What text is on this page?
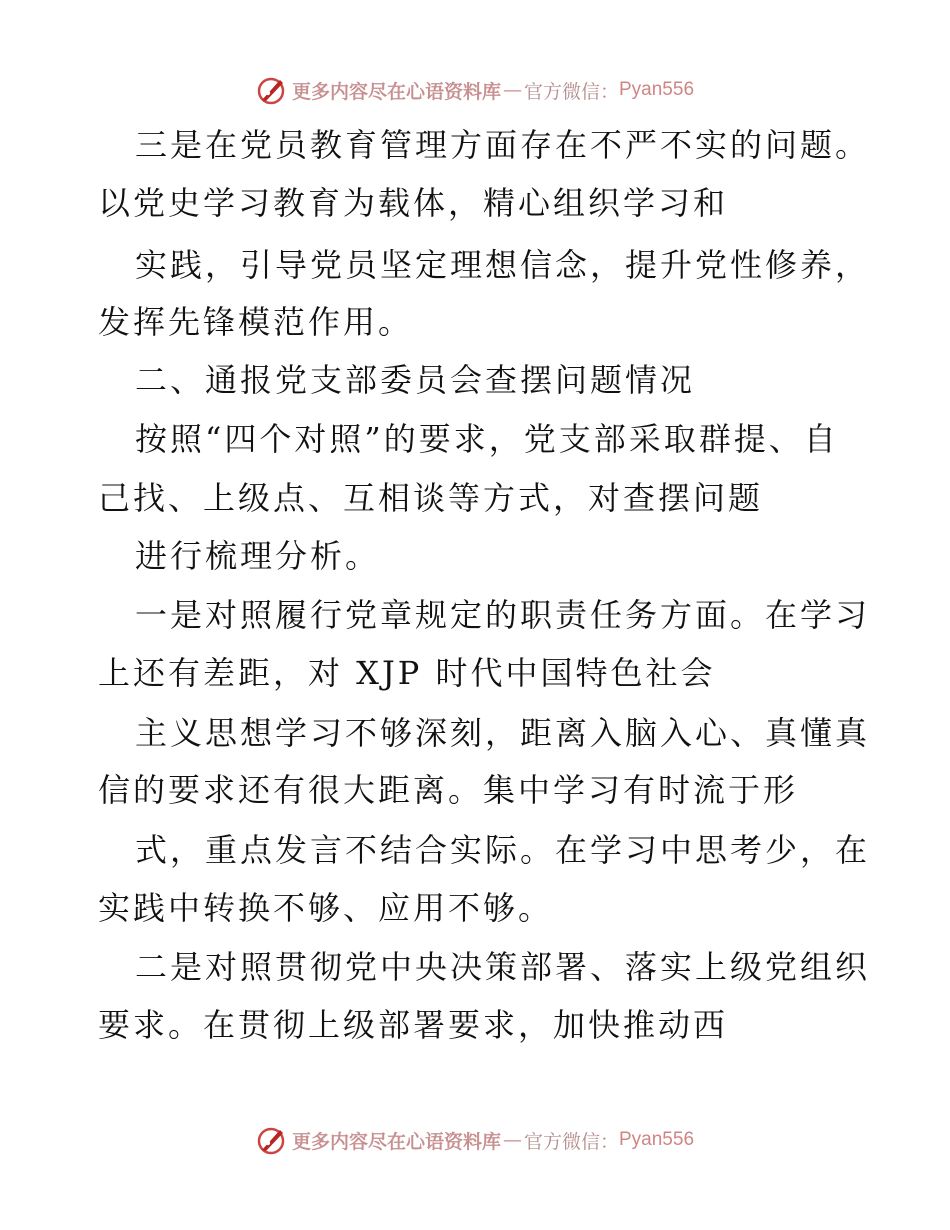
更多内容尽在心语资料库 — 官方微信： Pyan556
三是在党员教育管理方面存在不严不实的问题。
以党史学习教育为载体，精心组织学习和
实践，引导党员坚定理想信念，提升党性修养，
发挥先锋模范作用。
二、通报党支部委员会查摆问题情况
按照“四个对照”的要求，党支部采取群提、自
己找、上级点、互相谈等方式，对查摆问题
进行梳理分析。
一是对照履行党章规定的职责任务方面。在学习
上还有差距，对 XJP 时代中国特色社会
主义思想学习不够深刻，距离入脑入心、真懂真
信的要求还有很大距离。集中学习有时流于形
式，重点发言不结合实际。在学习中思考少，在
实践中转换不够、应用不够。
二是对照贯彻党中央决策部署、落实上级党组织
要求。在贯彻上级部署要求，加快推动西
更多内容尽在心语资料库 — 官方微信： Pyan556
